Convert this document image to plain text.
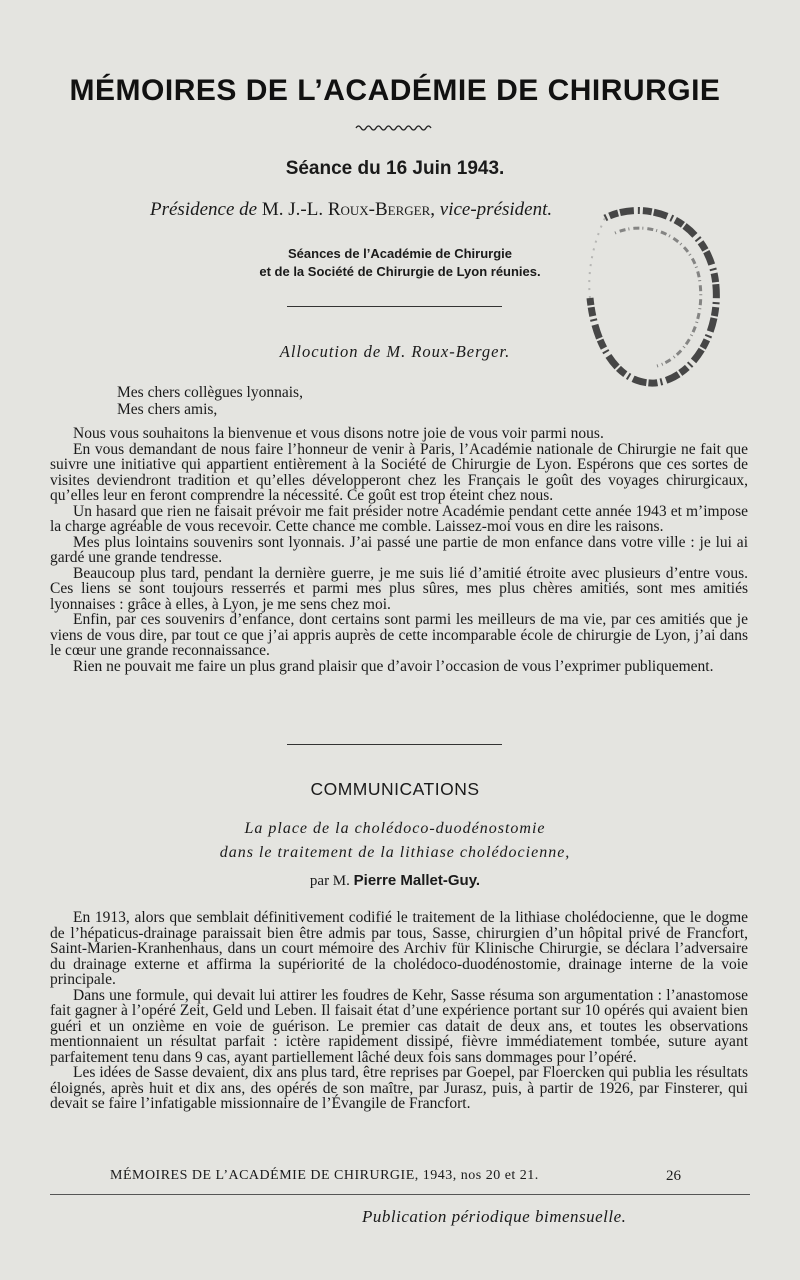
MÉMOIRES DE L’ACADÉMIE DE CHIRURGIE
Séance du 16 Juin 1943.
Présidence de M. J.-L. Roux-Berger, vice-président.
Séances de l’Académie de Chirurgie
et de la Société de Chirurgie de Lyon réunies.
Allocution de M. Roux-Berger.
Mes chers collègues lyonnais,
Mes chers amis,

Nous vous souhaitons la bienvenue et vous disons notre joie de vous voir parmi nous.

En vous demandant de nous faire l’honneur de venir à Paris, l’Académie nationale de Chirurgie ne fait que suivre une initiative qui appartient entièrement à la Société de Chirurgie de Lyon. Espérons que ces sortes de visites deviendront tradition et qu’elles développeront chez les Français le goût des voyages chirurgicaux, qu’elles leur en feront comprendre la nécessité. Ce goût est trop éteint chez nous.

Un hasard que rien ne faisait prévoir me fait présider notre Académie pendant cette année 1943 et m’impose la charge agréable de vous recevoir. Cette chance me comble. Laissez-moi vous en dire les raisons.

Mes plus lointains souvenirs sont lyonnais. J’ai passé une partie de mon enfance dans votre ville : je lui ai gardé une grande tendresse.

Beaucoup plus tard, pendant la dernière guerre, je me suis lié d’amitié étroite avec plusieurs d’entre vous. Ces liens se sont toujours resserrés et parmi mes plus sûres, mes plus chères amitiés, sont mes amitiés lyonnaises : grâce à elles, à Lyon, je me sens chez moi.

Enfin, par ces souvenirs d’enfance, dont certains sont parmi les meilleurs de ma vie, par ces amitiés que je viens de vous dire, par tout ce que j’ai appris auprès de cette incomparable école de chirurgie de Lyon, j’ai dans le cœur une grande reconnaissance.

Rien ne pouvait me faire un plus grand plaisir que d’avoir l’occasion de vous l’exprimer publiquement.

COMMUNICATIONS
La place de la cholédoco-duodénostomie
dans le traitement de la lithiase cholédocienne,
par M. Pierre Mallet-Guy.

En 1913, alors que semblait définitivement codifié le traitement de la lithiase cholédocienne, que le dogme de l’hépaticus-drainage paraissait bien être admis par tous, Sasse, chirurgien d’un hôpital privé de Francfort, Saint-Marien-Kranhenhaus, dans un court mémoire des Archiv für Klinische Chirurgie, se déclara l’adversaire du drainage externe et affirma la supériorité de la cholédoco-duodénostomie, drainage interne de la voie principale.

Dans une formule, qui devait lui attirer les foudres de Kehr, Sasse résuma son argumentation : l’anastomose fait gagner à l’opéré Zeit, Geld und Leben. Il faisait état d’une expérience portant sur 10 opérés qui avaient bien guéri et un onzième en voie de guérison. Le premier cas datait de deux ans, et toutes les observations mentionnaient un résultat parfait : ictère rapidement dissipé, fièvre immédiatement tombée, suture ayant parfaitement tenu dans 9 cas, ayant partiellement lâché deux fois sans dommages pour l’opéré.

Les idées de Sasse devaient, dix ans plus tard, être reprises par Goepel, par Floercken qui publia les résultats éloignés, après huit et dix ans, des opérés de son maître, par Jurasz, puis, à partir de 1926, par Finsterer, qui devait se faire l’infatigable missionnaire de l’Évangile de Francfort.

MÉMOIRES DE L’ACADÉMIE DE CHIRURGIE, 1943, nos 20 et 21.	26
Publication périodique bimensuelle.
